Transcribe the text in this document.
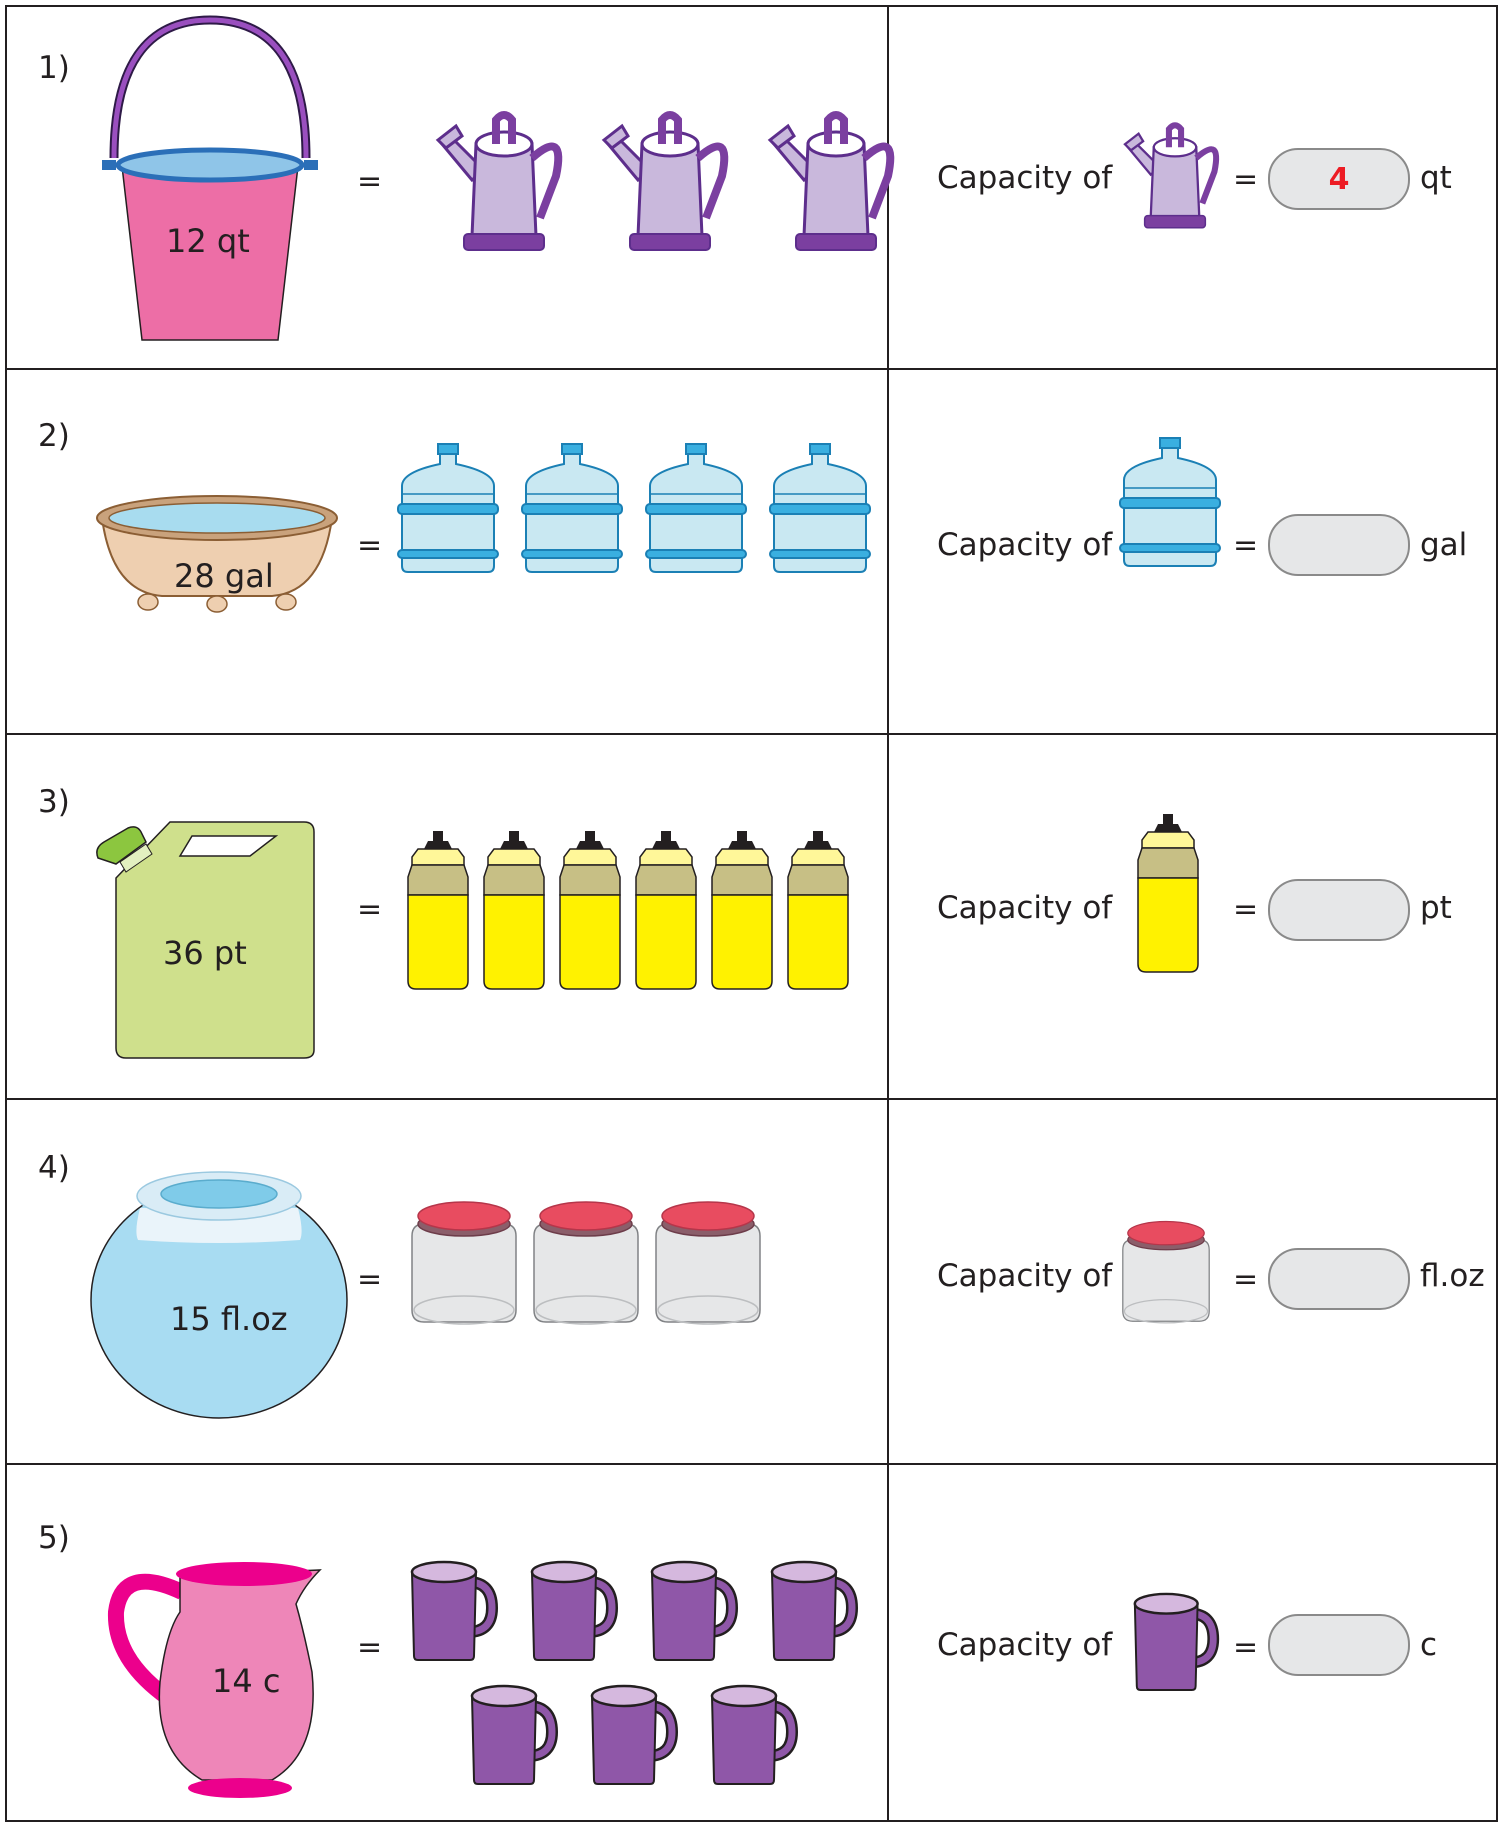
1)
12 qt
=	Capacity of	=	4	qt
2)
28 gal
=	Capacity of	=	gal
3)
36 pt
=	Capacity of	=	pt
4)
15 fl.oz
=	Capacity of	=	fl.oz
5)
14 c
=	Capacity of	=	c
